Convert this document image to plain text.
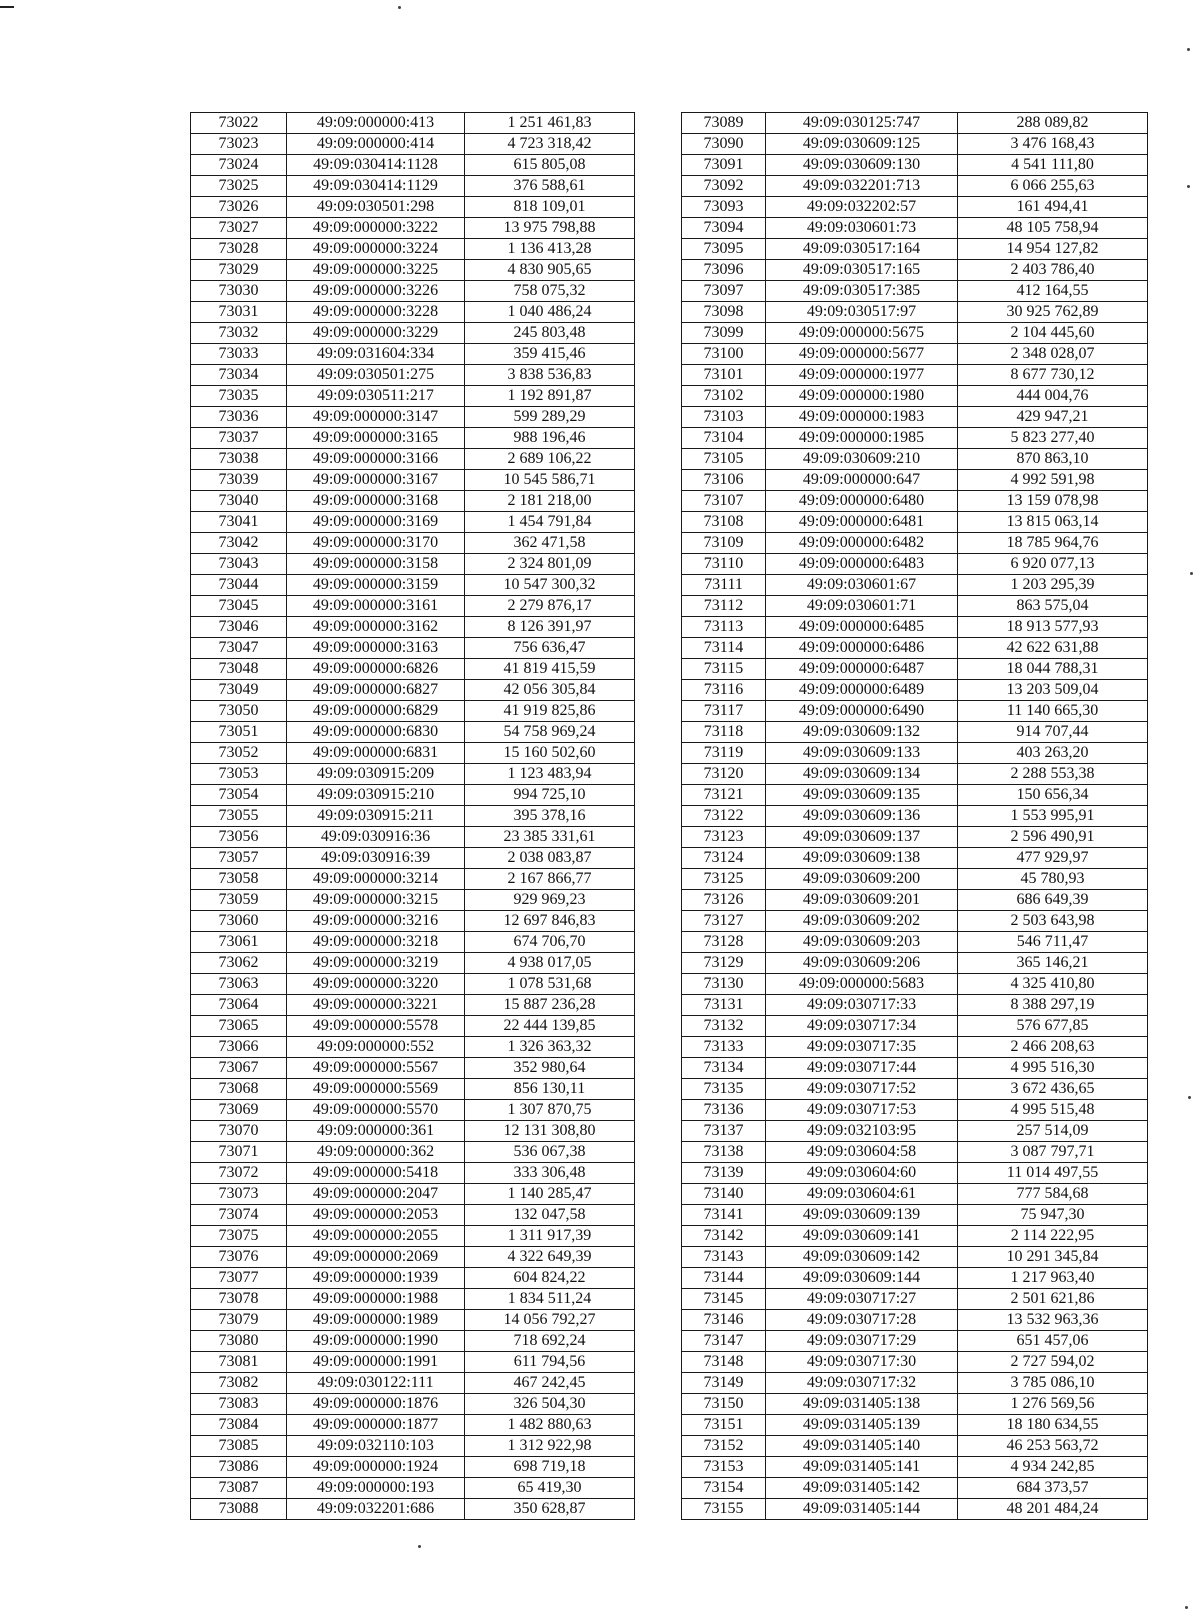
73022	49:09:000000:413	1 251 461,83
73023	49:09:000000:414	4 723 318,42
73024	49:09:030414:1128	615 805,08
73025	49:09:030414:1129	376 588,61
73026	49:09:030501:298	818 109,01
73027	49:09:000000:3222	13 975 798,88
73028	49:09:000000:3224	1 136 413,28
73029	49:09:000000:3225	4 830 905,65
73030	49:09:000000:3226	758 075,32
73031	49:09:000000:3228	1 040 486,24
73032	49:09:000000:3229	245 803,48
73033	49:09:031604:334	359 415,46
73034	49:09:030501:275	3 838 536,83
73035	49:09:030511:217	1 192 891,87
73036	49:09:000000:3147	599 289,29
73037	49:09:000000:3165	988 196,46
73038	49:09:000000:3166	2 689 106,22
73039	49:09:000000:3167	10 545 586,71
73040	49:09:000000:3168	2 181 218,00
73041	49:09:000000:3169	1 454 791,84
73042	49:09:000000:3170	362 471,58
73043	49:09:000000:3158	2 324 801,09
73044	49:09:000000:3159	10 547 300,32
73045	49:09:000000:3161	2 279 876,17
73046	49:09:000000:3162	8 126 391,97
73047	49:09:000000:3163	756 636,47
73048	49:09:000000:6826	41 819 415,59
73049	49:09:000000:6827	42 056 305,84
73050	49:09:000000:6829	41 919 825,86
73051	49:09:000000:6830	54 758 969,24
73052	49:09:000000:6831	15 160 502,60
73053	49:09:030915:209	1 123 483,94
73054	49:09:030915:210	994 725,10
73055	49:09:030915:211	395 378,16
73056	49:09:030916:36	23 385 331,61
73057	49:09:030916:39	2 038 083,87
73058	49:09:000000:3214	2 167 866,77
73059	49:09:000000:3215	929 969,23
73060	49:09:000000:3216	12 697 846,83
73061	49:09:000000:3218	674 706,70
73062	49:09:000000:3219	4 938 017,05
73063	49:09:000000:3220	1 078 531,68
73064	49:09:000000:3221	15 887 236,28
73065	49:09:000000:5578	22 444 139,85
73066	49:09:000000:552	1 326 363,32
73067	49:09:000000:5567	352 980,64
73068	49:09:000000:5569	856 130,11
73069	49:09:000000:5570	1 307 870,75
73070	49:09:000000:361	12 131 308,80
73071	49:09:000000:362	536 067,38
73072	49:09:000000:5418	333 306,48
73073	49:09:000000:2047	1 140 285,47
73074	49:09:000000:2053	132 047,58
73075	49:09:000000:2055	1 311 917,39
73076	49:09:000000:2069	4 322 649,39
73077	49:09:000000:1939	604 824,22
73078	49:09:000000:1988	1 834 511,24
73079	49:09:000000:1989	14 056 792,27
73080	49:09:000000:1990	718 692,24
73081	49:09:000000:1991	611 794,56
73082	49:09:030122:111	467 242,45
73083	49:09:000000:1876	326 504,30
73084	49:09:000000:1877	1 482 880,63
73085	49:09:032110:103	1 312 922,98
73086	49:09:000000:1924	698 719,18
73087	49:09:000000:193	65 419,30
73088	49:09:032201:686	350 628,87
73089	49:09:030125:747	288 089,82
73090	49:09:030609:125	3 476 168,43
73091	49:09:030609:130	4 541 111,80
73092	49:09:032201:713	6 066 255,63
73093	49:09:032202:57	161 494,41
73094	49:09:030601:73	48 105 758,94
73095	49:09:030517:164	14 954 127,82
73096	49:09:030517:165	2 403 786,40
73097	49:09:030517:385	412 164,55
73098	49:09:030517:97	30 925 762,89
73099	49:09:000000:5675	2 104 445,60
73100	49:09:000000:5677	2 348 028,07
73101	49:09:000000:1977	8 677 730,12
73102	49:09:000000:1980	444 004,76
73103	49:09:000000:1983	429 947,21
73104	49:09:000000:1985	5 823 277,40
73105	49:09:030609:210	870 863,10
73106	49:09:000000:647	4 992 591,98
73107	49:09:000000:6480	13 159 078,98
73108	49:09:000000:6481	13 815 063,14
73109	49:09:000000:6482	18 785 964,76
73110	49:09:000000:6483	6 920 077,13
73111	49:09:030601:67	1 203 295,39
73112	49:09:030601:71	863 575,04
73113	49:09:000000:6485	18 913 577,93
73114	49:09:000000:6486	42 622 631,88
73115	49:09:000000:6487	18 044 788,31
73116	49:09:000000:6489	13 203 509,04
73117	49:09:000000:6490	11 140 665,30
73118	49:09:030609:132	914 707,44
73119	49:09:030609:133	403 263,20
73120	49:09:030609:134	2 288 553,38
73121	49:09:030609:135	150 656,34
73122	49:09:030609:136	1 553 995,91
73123	49:09:030609:137	2 596 490,91
73124	49:09:030609:138	477 929,97
73125	49:09:030609:200	45 780,93
73126	49:09:030609:201	686 649,39
73127	49:09:030609:202	2 503 643,98
73128	49:09:030609:203	546 711,47
73129	49:09:030609:206	365 146,21
73130	49:09:000000:5683	4 325 410,80
73131	49:09:030717:33	8 388 297,19
73132	49:09:030717:34	576 677,85
73133	49:09:030717:35	2 466 208,63
73134	49:09:030717:44	4 995 516,30
73135	49:09:030717:52	3 672 436,65
73136	49:09:030717:53	4 995 515,48
73137	49:09:032103:95	257 514,09
73138	49:09:030604:58	3 087 797,71
73139	49:09:030604:60	11 014 497,55
73140	49:09:030604:61	777 584,68
73141	49:09:030609:139	75 947,30
73142	49:09:030609:141	2 114 222,95
73143	49:09:030609:142	10 291 345,84
73144	49:09:030609:144	1 217 963,40
73145	49:09:030717:27	2 501 621,86
73146	49:09:030717:28	13 532 963,36
73147	49:09:030717:29	651 457,06
73148	49:09:030717:30	2 727 594,02
73149	49:09:030717:32	3 785 086,10
73150	49:09:031405:138	1 276 569,56
73151	49:09:031405:139	18 180 634,55
73152	49:09:031405:140	46 253 563,72
73153	49:09:031405:141	4 934 242,85
73154	49:09:031405:142	684 373,57
73155	49:09:031405:144	48 201 484,24
